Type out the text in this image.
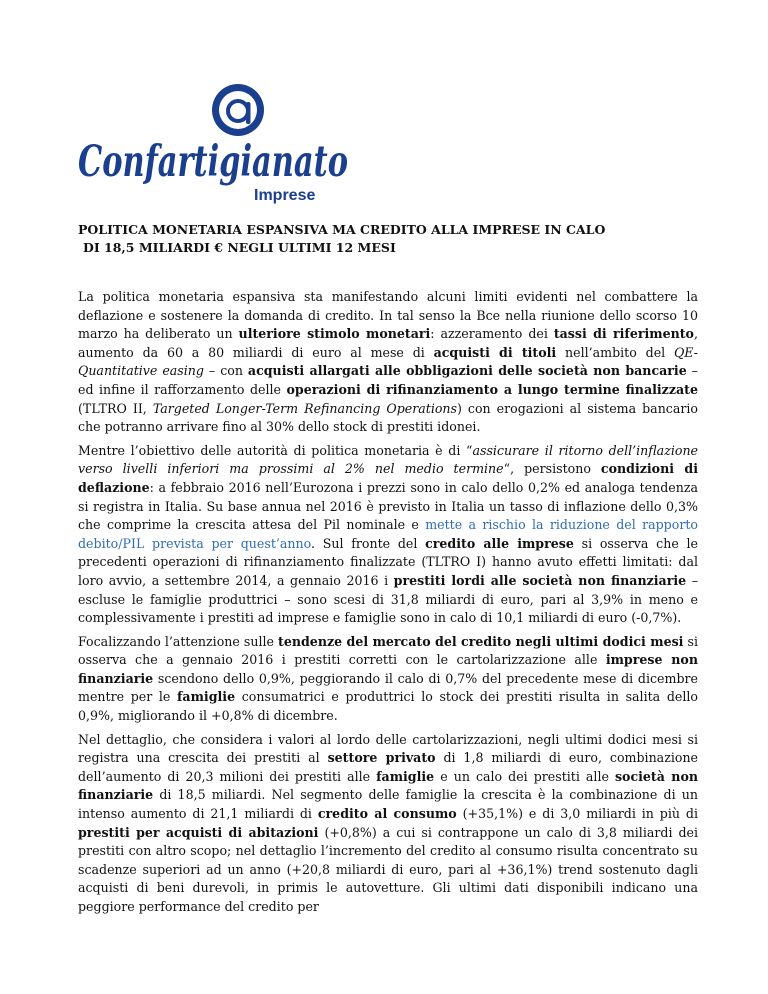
Confartigianato
Imprese
POLITICA MONETARIA ESPANSIVA MA CREDITO ALLA IMPRESE IN CALO
DI 18,5 MILIARDI € NEGLI ULTIMI 12 MESI

La politica monetaria espansiva sta manifestando alcuni limiti evidenti nel combattere la deflazione e sostenere la domanda di credito. In tal senso la Bce nella riunione dello scorso 10 marzo ha deliberato un ulteriore stimolo monetari: azzeramento dei tassi di riferimento, aumento da 60 a 80 miliardi di euro al mese di acquisti di titoli nell’ambito del QE-Quantitative easing – con acquisti allargati alle obbligazioni delle società non bancarie – ed infine il rafforzamento delle operazioni di rifinanziamento a lungo termine finalizzate (TLTRO II, Targeted Longer-Term Refinancing Operations) con erogazioni al sistema bancario che potranno arrivare fino al 30% dello stock di prestiti idonei.

Mentre l’obiettivo delle autorità di politica monetaria è di “assicurare il ritorno dell’inflazione verso livelli inferiori ma prossimi al 2% nel medio termine“, persistono condizioni di deflazione: a febbraio 2016 nell’Eurozona i prezzi sono in calo dello 0,2% ed analoga tendenza si registra in Italia. Su base annua nel 2016 è previsto in Italia un tasso di inflazione dello 0,3% che comprime la crescita attesa del Pil nominale e mette a rischio la riduzione del rapporto debito/PIL prevista per quest’anno. Sul fronte del credito alle imprese si osserva che le precedenti operazioni di rifinanziamento finalizzate (TLTRO I) hanno avuto effetti limitati: dal loro avvio, a settembre 2014, a gennaio 2016 i prestiti lordi alle società non finanziarie – escluse le famiglie produttrici – sono scesi di 31,8 miliardi di euro, pari al 3,9% in meno e complessivamente i prestiti ad imprese e famiglie sono in calo di 10,1 miliardi di euro (-0,7%).

Focalizzando l’attenzione sulle tendenze del mercato del credito negli ultimi dodici mesi si osserva che a gennaio 2016 i prestiti corretti con le cartolarizzazione alle imprese non finanziarie scendono dello 0,9%, peggiorando il calo di 0,7% del precedente mese di dicembre mentre per le famiglie consumatrici e produttrici lo stock dei prestiti risulta in salita dello 0,9%, migliorando il +0,8% di dicembre.

Nel dettaglio, che considera i valori al lordo delle cartolarizzazioni, negli ultimi dodici mesi si registra una crescita dei prestiti al settore privato di 1,8 miliardi di euro, combinazione dell’aumento di 20,3 milioni dei prestiti alle famiglie e un calo dei prestiti alle società non finanziarie di 18,5 miliardi. Nel segmento delle famiglie la crescita è la combinazione di un intenso aumento di 21,1 miliardi di credito al consumo (+35,1%) e di 3,0 miliardi in più di prestiti per acquisti di abitazioni (+0,8%) a cui si contrappone un calo di 3,8 miliardi dei prestiti con altro scopo; nel dettaglio l’incremento del credito al consumo risulta concentrato su scadenze superiori ad un anno (+20,8 miliardi di euro, pari al +36,1%) trend sostenuto dagli acquisti di beni durevoli, in primis le autovetture. Gli ultimi dati disponibili indicano una peggiore performance del credito per
